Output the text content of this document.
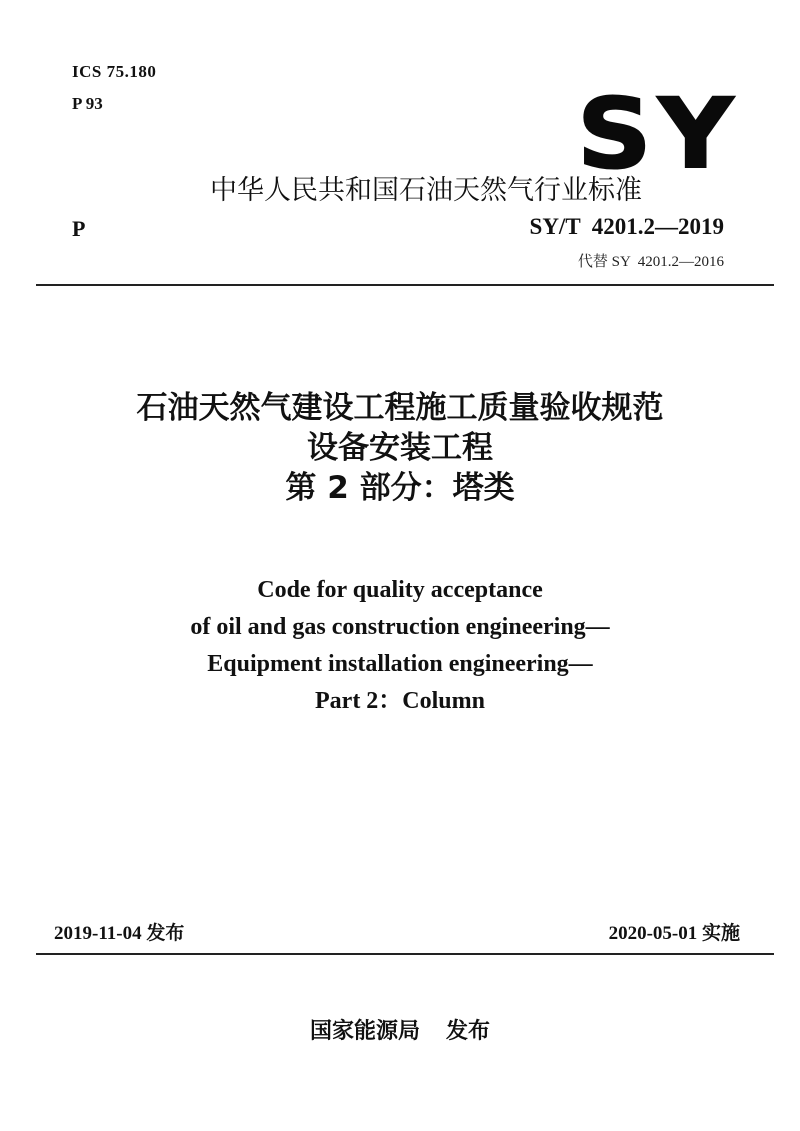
ICS 75.180
P 93	SY
中华人民共和国石油天然气行业标准
P	SY/T  4201.2—2019
代替 SY  4201.2—2016
石油天然气建设工程施工质量验收规范
设备安装工程
第 2 部分：塔类
Code for quality acceptance
of oil and gas construction engineering—
Equipment installation engineering—
Part 2：Column
2019-11-04 发布	2020-05-01 实施
国家能源局 发布
